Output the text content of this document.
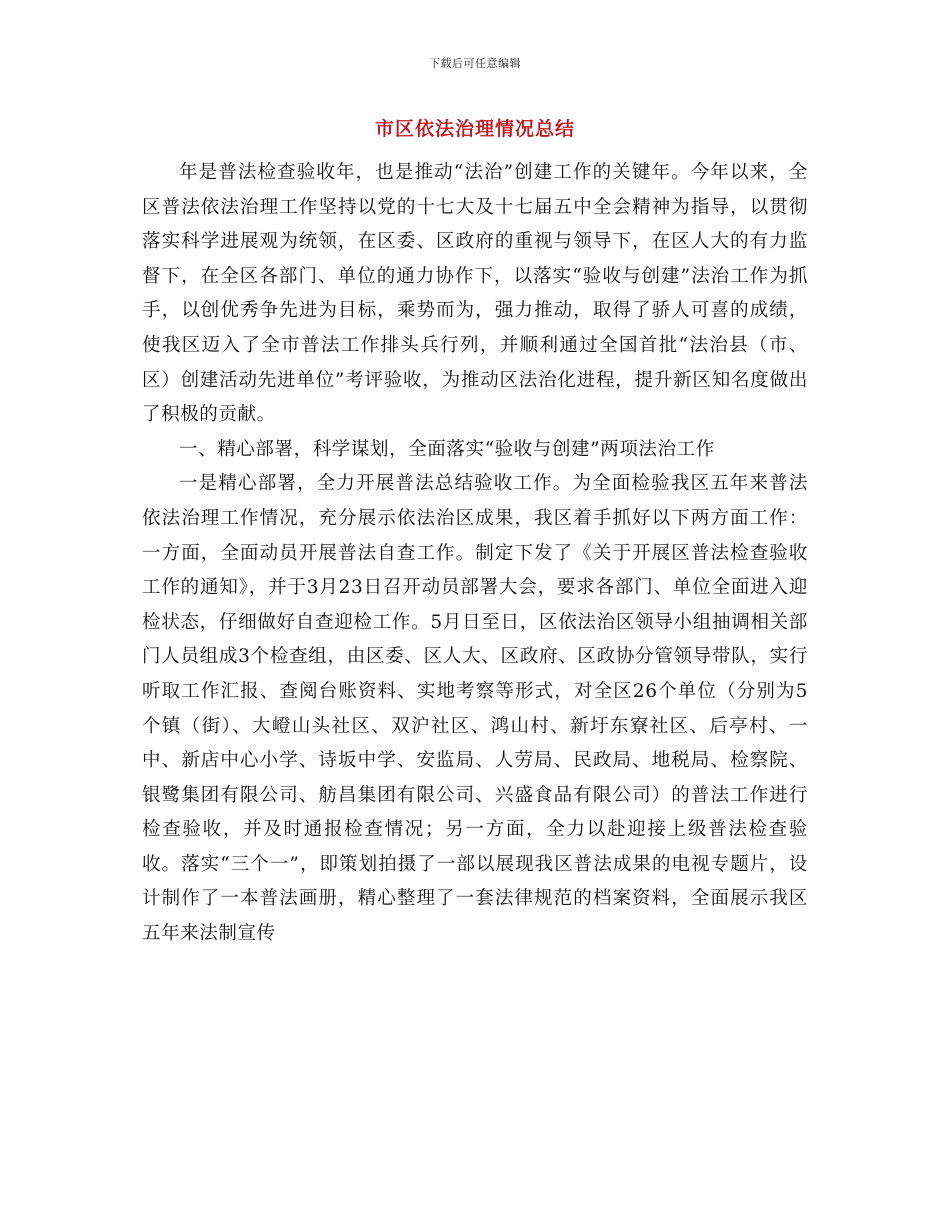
下载后可任意编辑
市区依法治理情况总结

年是普法检查验收年，也是推动“法治”创建工作的关键年。今年以来，全区普法依法治理工作坚持以党的十七大及十七届五中全会精神为指导，以贯彻落实科学进展观为统领，在区委、区政府的重视与领导下，在区人大的有力监督下，在全区各部门、单位的通力协作下，以落实“验收与创建”法治工作为抓手，以创优秀争先进为目标，乘势而为，强力推动，取得了骄人可喜的成绩，使我区迈入了全市普法工作排头兵行列，并顺利通过全国首批“法治县（市、区）创建活动先进单位”考评验收，为推动区法治化进程，提升新区知名度做出了积极的贡献。

一、精心部署，科学谋划，全面落实“验收与创建”两项法治工作

一是精心部署，全力开展普法总结验收工作。为全面检验我区五年来普法依法治理工作情况，充分展示依法治区成果，我区着手抓好以下两方面工作：一方面，全面动员开展普法自查工作。制定下发了《关于开展区普法检查验收工作的通知》，并于3月23日召开动员部署大会，要求各部门、单位全面进入迎检状态，仔细做好自查迎检工作。5月日至日，区依法治区领导小组抽调相关部门人员组成3个检查组，由区委、区人大、区政府、区政协分管领导带队，实行听取工作汇报、查阅台账资料、实地考察等形式，对全区26个单位（分别为5个镇（街）、大嶝山头社区、双沪社区、鸿山村、新圩东寮社区、后亭村、一中、新店中心小学、诗坂中学、安监局、人劳局、民政局、地税局、检察院、银鹭集团有限公司、舫昌集团有限公司、兴盛食品有限公司）的普法工作进行检查验收，并及时通报检查情况；另一方面，全力以赴迎接上级普法检查验收。落实“三个一”，即策划拍摄了一部以展现我区普法成果的电视专题片，设计制作了一本普法画册，精心整理了一套法律规范的档案资料，全面展示我区五年来法制宣传
